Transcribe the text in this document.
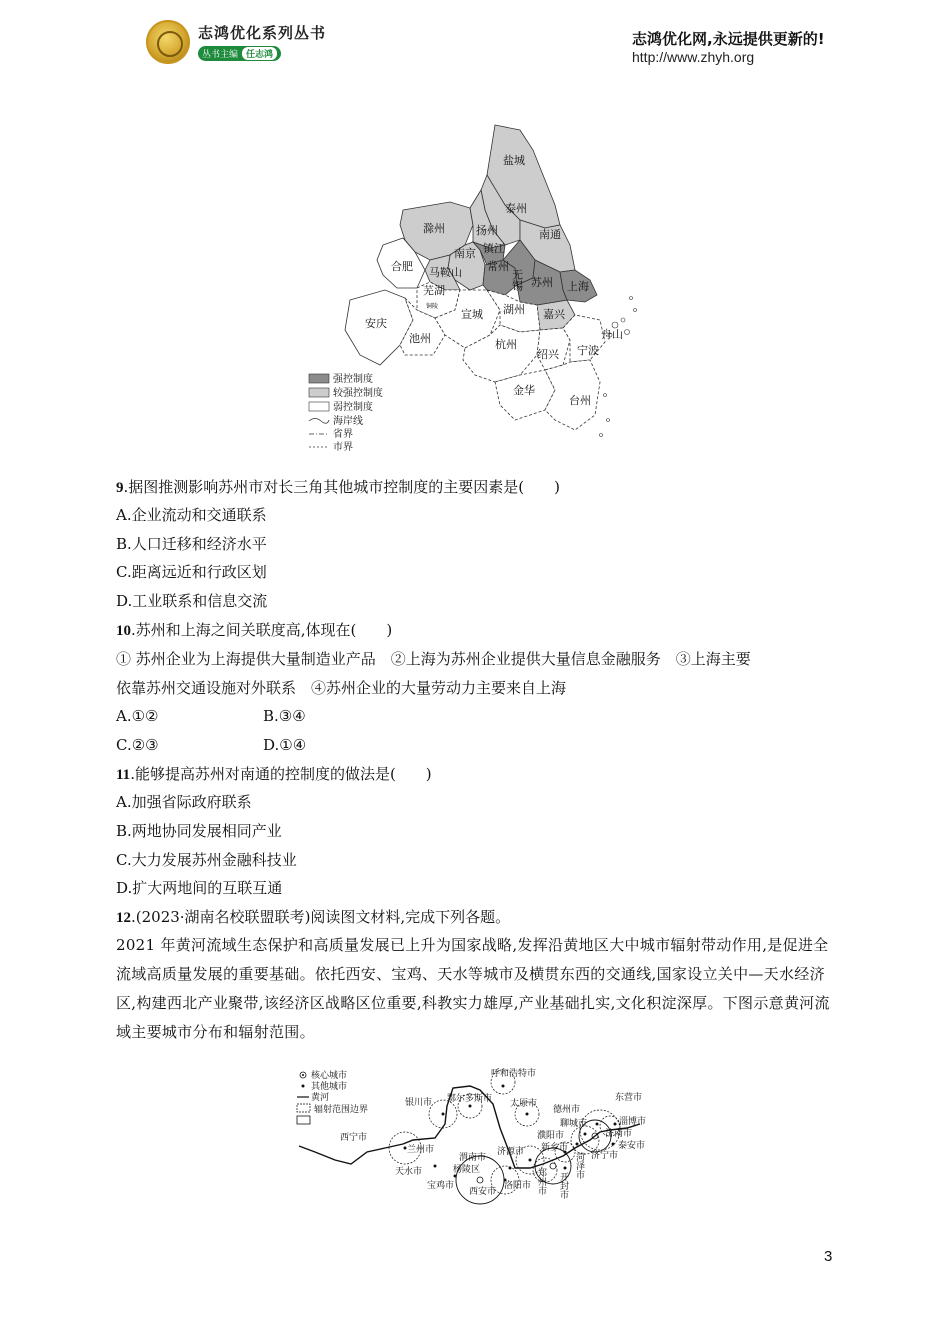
志鸿优化系列丛书
丛书主编 任志鸿
志鸿优化网,永远提供更新的!
http://www.zhyh.org
盐城
泰州
滁州	扬州	南通
南京 镇江
常州
无锡
合肥 马鞍山
苏州 上海
芜湖
铜陵
安庆
宣城 湖州 嘉兴
舟山
池州	杭州	宁波
绍兴
金华
台州
强控制度
较强控制度
弱控制度
海岸线
省界
市界
9.据图推测影响苏州市对长三角其他城市控制度的主要因素是(　　)
A.企业流动和交通联系
B.人口迁移和经济水平
C.距离远近和行政区划
D.工业联系和信息交流
10.苏州和上海之间关联度高,体现在(　　)
① 苏州企业为上海提供大量制造业产品　②上海为苏州企业提供大量信息金融服务　③上海主要
依靠苏州交通设施对外联系　④苏州企业的大量劳动力主要来自上海
A.①②	B.③④
C.②③	D.①④
11.能够提高苏州对南通的控制度的做法是(　　)
A.加强省际政府联系
B.两地协同发展相同产业
C.大力发展苏州金融科技业
D.扩大两地间的互联互通
12.(2023·湖南名校联盟联考)阅读图文材料,完成下列各题。
2021 年黄河流域生态保护和高质量发展已上升为国家战略,发挥沿黄地区大中城市辐射带动作用,是促进全流域高质量发展的重要基础。依托西安、宝鸡、天水等城市及横贯东西的交通线,国家设立关中—天水经济区,构建西北产业聚带,该经济区战略区位重要,科教实力雄厚,产业基础扎实,文化积淀深厚。下图示意黄河流域主要城市分布和辐射范围。
核心城市
其他城市
黄河
辐射范围边界
呼和浩特市
银川市 鄂尔多斯市 太原市
德州市
东营市
淄博市
聊城市
济南市
濮阳市
泰安市
西宁市
兰州市	新乡市
济宁市
天水市
渭南市
济源市
杨陵区
宝鸡市
西安市
洛阳市 郑州市 开封市
菏泽市
3
